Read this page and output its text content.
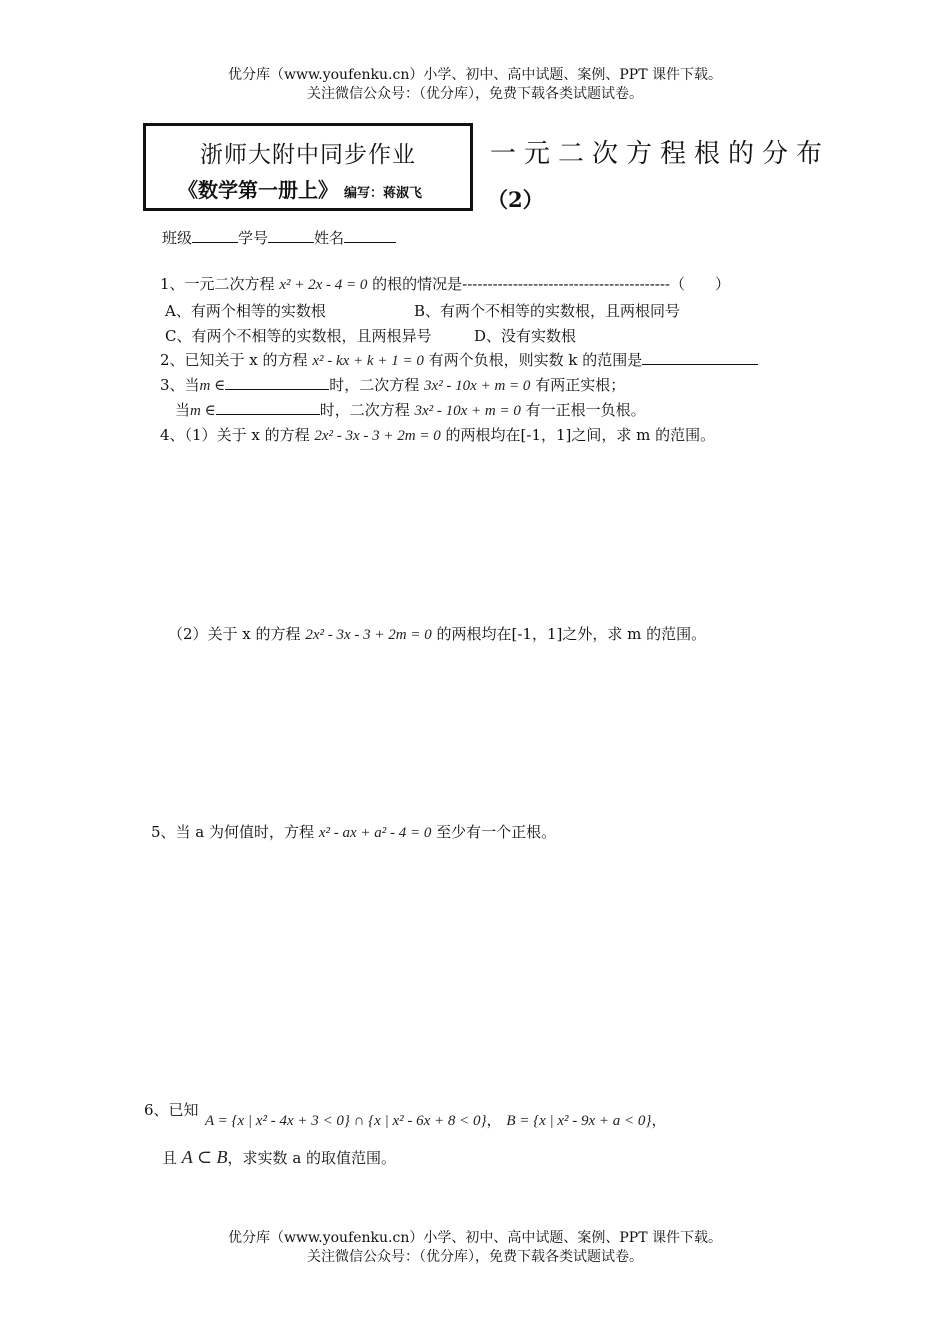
优分库（www.youfenku.cn）小学、初中、高中试题、案例、PPT 课件下载。
关注微信公众号：（优分库），免费下载各类试题试卷。
浙师大附中同步作业
《数学第一册上》 编写：蒋淑飞
一元二次方程根的分布
（2）
班级	学号	姓名
1、一元二次方程 x² + 2x - 4 = 0 的根的情况是-----------------------------------------（　　）
A、有两个相等的实数根	B、有两个不相等的实数根，且两根同号
C、有两个不相等的实数根，且两根异号	D、没有实数根
2、已知关于 x 的方程 x² - kx + k + 1 = 0 有两个负根，则实数 k 的范围是
3、当m ∈	时，二次方程 3x² - 10x + m = 0 有两正实根；
当m ∈	时，二次方程 3x² - 10x + m = 0 有一正根一负根。
4、（1）关于 x 的方程 2x² - 3x - 3 + 2m = 0 的两根均在[-1，1]之间，求 m 的范围。
（2）关于 x 的方程 2x² - 3x - 3 + 2m = 0 的两根均在[-1，1]之外，求 m 的范围。
5、当 a 为何值时，方程 x² - ax + a² - 4 = 0 至少有一个正根。
6、已知
A = {x | x² - 4x + 3 < 0} ∩ {x | x² - 6x + 8 < 0}， B = {x | x² - 9x + a < 0}，
且 A ⊂ B，求实数 a 的取值范围。
优分库（www.youfenku.cn）小学、初中、高中试题、案例、PPT 课件下载。
关注微信公众号：（优分库），免费下载各类试题试卷。
